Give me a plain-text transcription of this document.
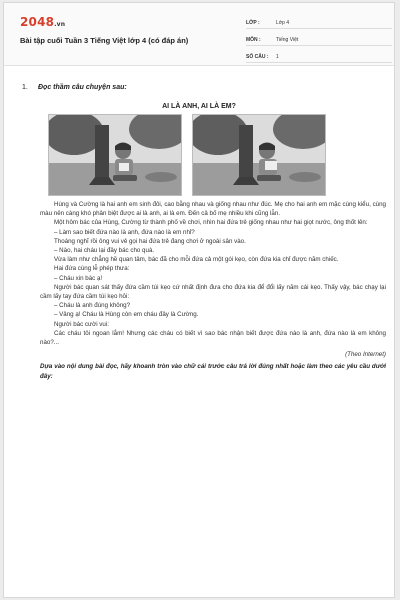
2048.vn
Bài tập cuối Tuần 3 Tiếng Việt lớp 4 (có đáp án)
LỚP :	Lớp 4
MÔN :	Tiếng Việt
SỐ CÂU :	1
1. Đọc thầm câu chuyện sau:
AI LÀ ANH, AI LÀ EM?

Hùng và Cường là hai anh em sinh đôi, cao bằng nhau và giống nhau như đúc. Mẹ cho hai anh em mặc cùng kiểu, cùng màu nên càng khó phân biệt được ai là anh, ai là em. Đến cả bố mẹ nhiều khi cũng lẫn.

Một hôm bác của Hùng, Cường từ thành phố về chơi, nhìn hai đứa trẻ giống nhau như hai giọt nước, ông thốt lên:

– Làm sao biết đứa nào là anh, đứa nào là em nhỉ?

Thoáng nghĩ rồi ông vui vẻ gọi hai đứa trẻ đang chơi ở ngoài sân vào.

– Nào, hai cháu lại đây bác cho quà.

Vừa làm như chẳng hề quan tâm, bác đã cho mỗi đứa cả một gói kẹo, còn đứa kia chỉ được năm chiếc.

Hai đứa cùng lễ phép thưa:

– Cháu xin bác ạ!

Người bác quan sát thấy đứa cầm túi kẹo cứ nhất định đưa cho đứa kia để đổi lấy năm cái kẹo. Thấy vậy, bác chạy lại cầm lấy tay đứa cầm túi kẹo hỏi:

– Cháu là anh đúng không?

– Vâng ạ! Cháu là Hùng còn em cháu đây là Cường.

Người bác cười vui:

Các cháu tôi ngoan lắm! Nhưng các cháu có biết vì sao bác nhận biết được đứa nào là anh, đứa nào là em không nào?...

(Theo Internet)

Dựa vào nội dung bài đọc, hãy khoanh tròn vào chữ cái trước câu trả lời đúng nhất hoặc làm theo các yêu cầu dưới đây:
